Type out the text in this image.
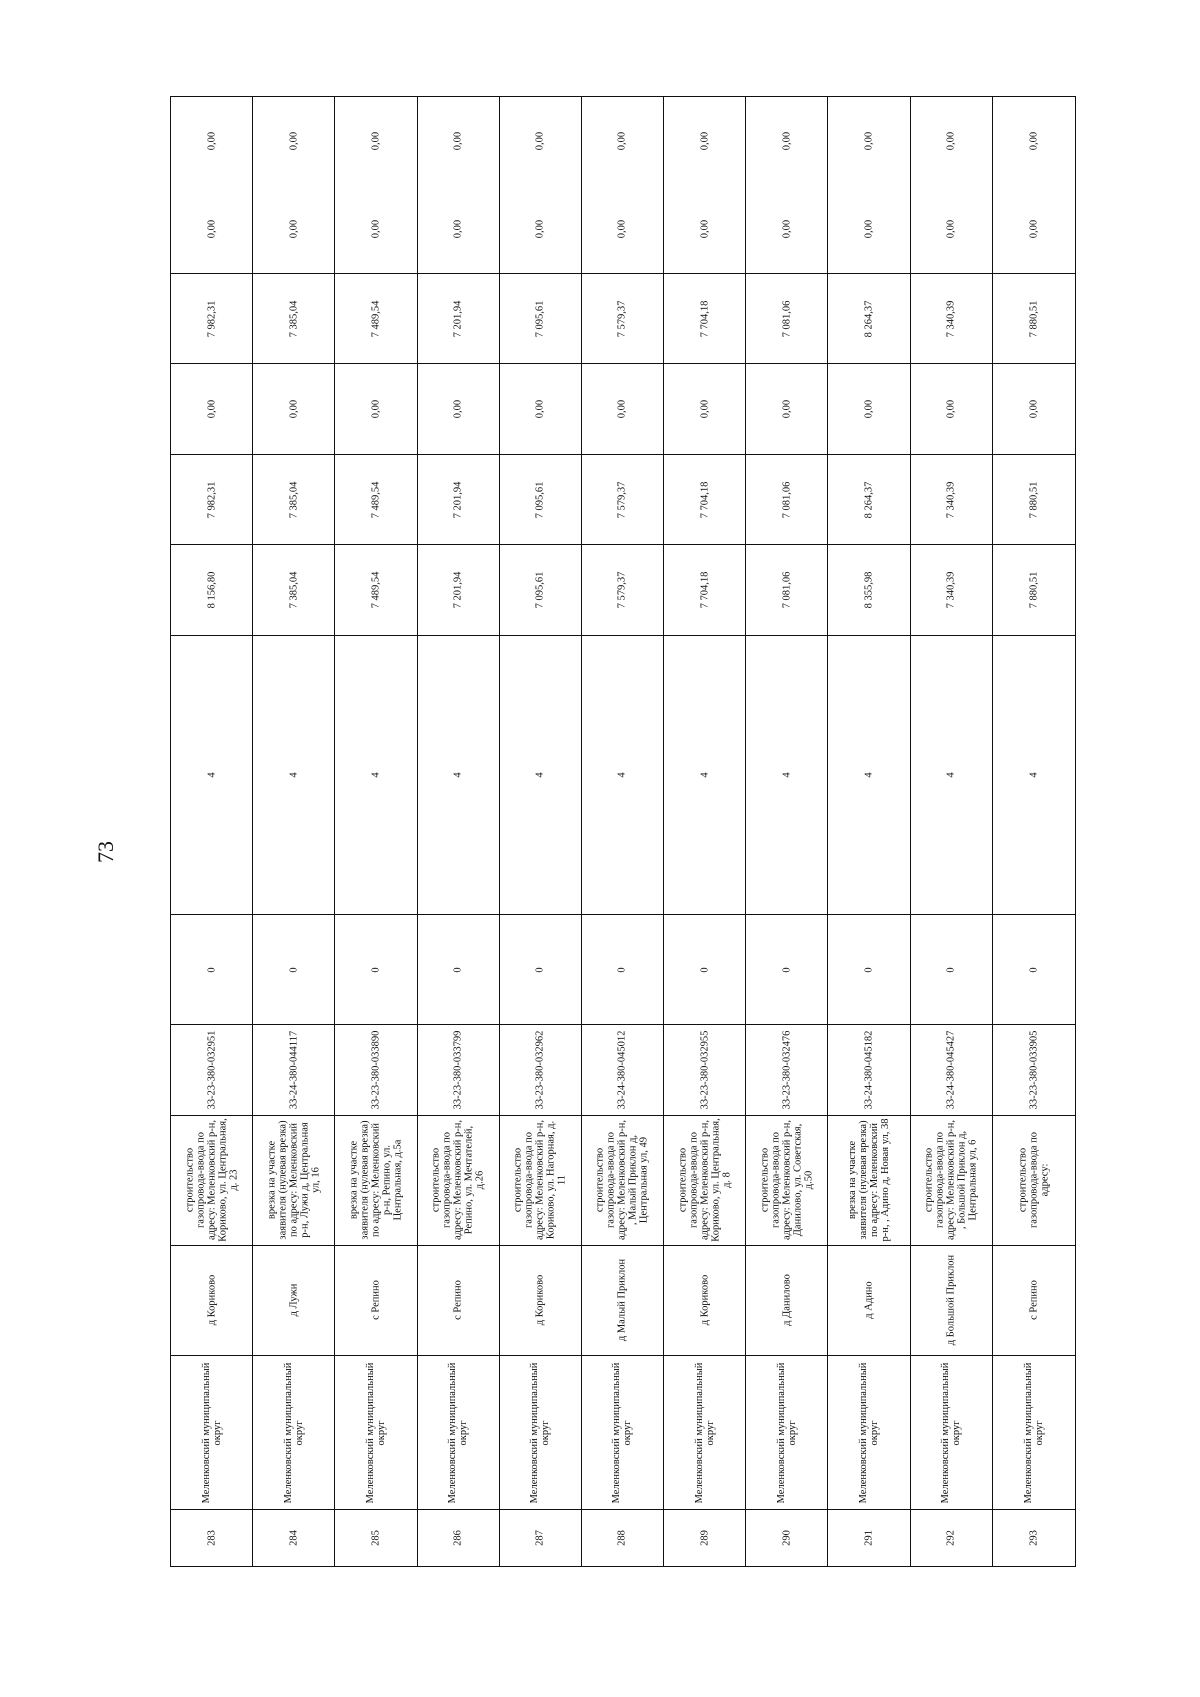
73
283
Меленковский муниципальный округ
д Кориково
строительство газопровода-ввода по адресу: Меленковский р-н, Кориково, ул. Центральная, д. 23
33-23-380-032951
0
4
8 156,80
7 982,31
0,00
7 982,31
0,00
0,00
284
Меленковский муниципальный округ
д Лужи
врезка на участке заявителя (нулевая врезка) по адресу: Меленковский р-н, Лужи д, Центральная ул, 16
33-24-380-044117
0
4
7 385,04
7 385,04
0,00
7 385,04
0,00
0,00
285
Меленковский муниципальный округ
с Репино
врезка на участке заявителя (нулевая врезка) по адресу: Меленковский р-н, Репино, ул. Центральная, д.5а
33-23-380-033890
0
4
7 489,54
7 489,54
0,00
7 489,54
0,00
0,00
286
Меленковский муниципальный округ
с Репино
строительство газопровода-ввода по адресу: Меленковский р-н, Репино, ул. Мечтателей, д.26
33-23-380-033799
0
4
7 201,94
7 201,94
0,00
7 201,94
0,00
0,00
287
Меленковский муниципальный округ
д Кориково
строительство газопровода-ввода по адресу: Меленковский р-н, Кориково, ул. Нагорная, д. 11
33-23-380-032962
0
4
7 095,61
7 095,61
0,00
7 095,61
0,00
0,00
288
Меленковский муниципальный округ
д Малый Приклон
строительство газопровода-ввода по адресу: Меленковский р-н, , Малый Приклон д, Центральная ул, 49
33-24-380-045012
0
4
7 579,37
7 579,37
0,00
7 579,37
0,00
0,00
289
Меленковский муниципальный округ
д Кориково
строительство газопровода-ввода по адресу: Меленковский р-н, Кориково, ул. Центральная, д. 8
33-23-380-032955
0
4
7 704,18
7 704,18
0,00
7 704,18
0,00
0,00
290
Меленковский муниципальный округ
д Данилово
строительство газопровода-ввода по адресу: Меленковский р-н, Данилово, ул. Советская, д.50
33-23-380-032476
0
4
7 081,06
7 081,06
0,00
7 081,06
0,00
0,00
291
Меленковский муниципальный округ
д Адино
врезка на участке заявителя (нулевая врезка) по адресу: Меленковский р-н, , Адино д, Новая ул, 38
33-24-380-045182
0
4
8 355,98
8 264,37
0,00
8 264,37
0,00
0,00
292
Меленковский муниципальный округ
д Большой Приклон
строительство газопровода-ввода по адресу: Меленковский р-н, , Большой Приклон д, Центральная ул, 6
33-24-380-045427
0
4
7 340,39
7 340,39
0,00
7 340,39
0,00
0,00
293
Меленковский муниципальный округ
с Репино
строительство газопровода-ввода по адресу:
33-23-380-033905
0
4
7 880,51
7 880,51
0,00
7 880,51
0,00
0,00
